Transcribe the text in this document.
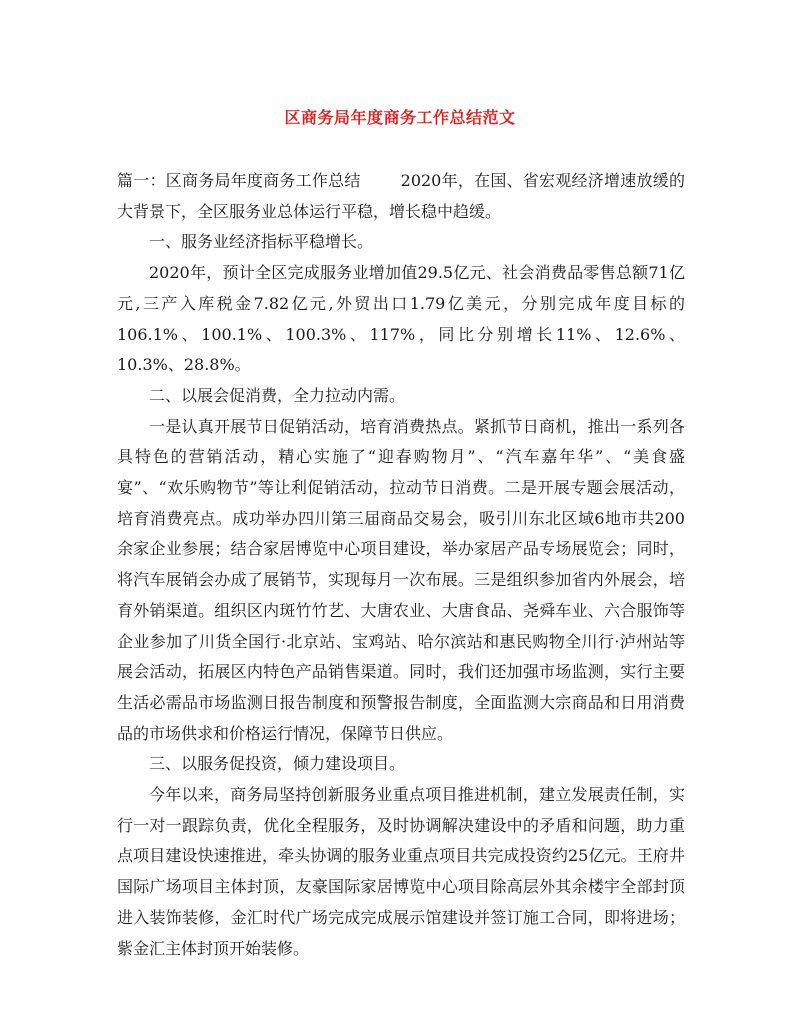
区商务局年度商务工作总结范文

篇一：区商务局年度商务工作总结	2020年，在国、省宏观经济增速放缓的大背景下，全区服务业总体运行平稳，增长稳中趋缓。

一、服务业经济指标平稳增长。

2020年，预计全区完成服务业增加值29.5亿元、社会消费品零售总额71亿元,三产入库税金7.82亿元,外贸出口1.79亿美元，分别完成年度目标的106.1%、100.1%、100.3%、117%，同比分别增长11%、12.6%、10.3%、28.8%。

二、以展会促消费，全力拉动内需。

一是认真开展节日促销活动，培育消费热点。紧抓节日商机，推出一系列各具特色的营销活动，精心实施了“迎春购物月”、“汽车嘉年华”、“美食盛宴”、“欢乐购物节”等让利促销活动，拉动节日消费。二是开展专题会展活动，培育消费亮点。成功举办四川第三届商品交易会，吸引川东北区域6地市共200余家企业参展；结合家居博览中心项目建设，举办家居产品专场展览会；同时，将汽车展销会办成了展销节，实现每月一次布展。三是组织参加省内外展会，培育外销渠道。组织区内斑竹竹艺、大唐农业、大唐食品、尧舜车业、六合服饰等企业参加了川货全国行·北京站、宝鸡站、哈尔滨站和惠民购物全川行·泸州站等展会活动，拓展区内特色产品销售渠道。同时，我们还加强市场监测，实行主要生活必需品市场监测日报告制度和预警报告制度，全面监测大宗商品和日用消费品的市场供求和价格运行情况，保障节日供应。

三、以服务促投资，倾力建设项目。

今年以来，商务局坚持创新服务业重点项目推进机制，建立发展责任制，实行一对一跟踪负责，优化全程服务，及时协调解决建设中的矛盾和问题，助力重点项目建设快速推进，牵头协调的服务业重点项目共完成投资约25亿元。王府井国际广场项目主体封顶，友豪国际家居博览中心项目除高层外其余楼宇全部封顶进入装饰装修，金汇时代广场完成完成展示馆建设并签订施工合同，即将进场；紫金汇主体封顶开始装修。
